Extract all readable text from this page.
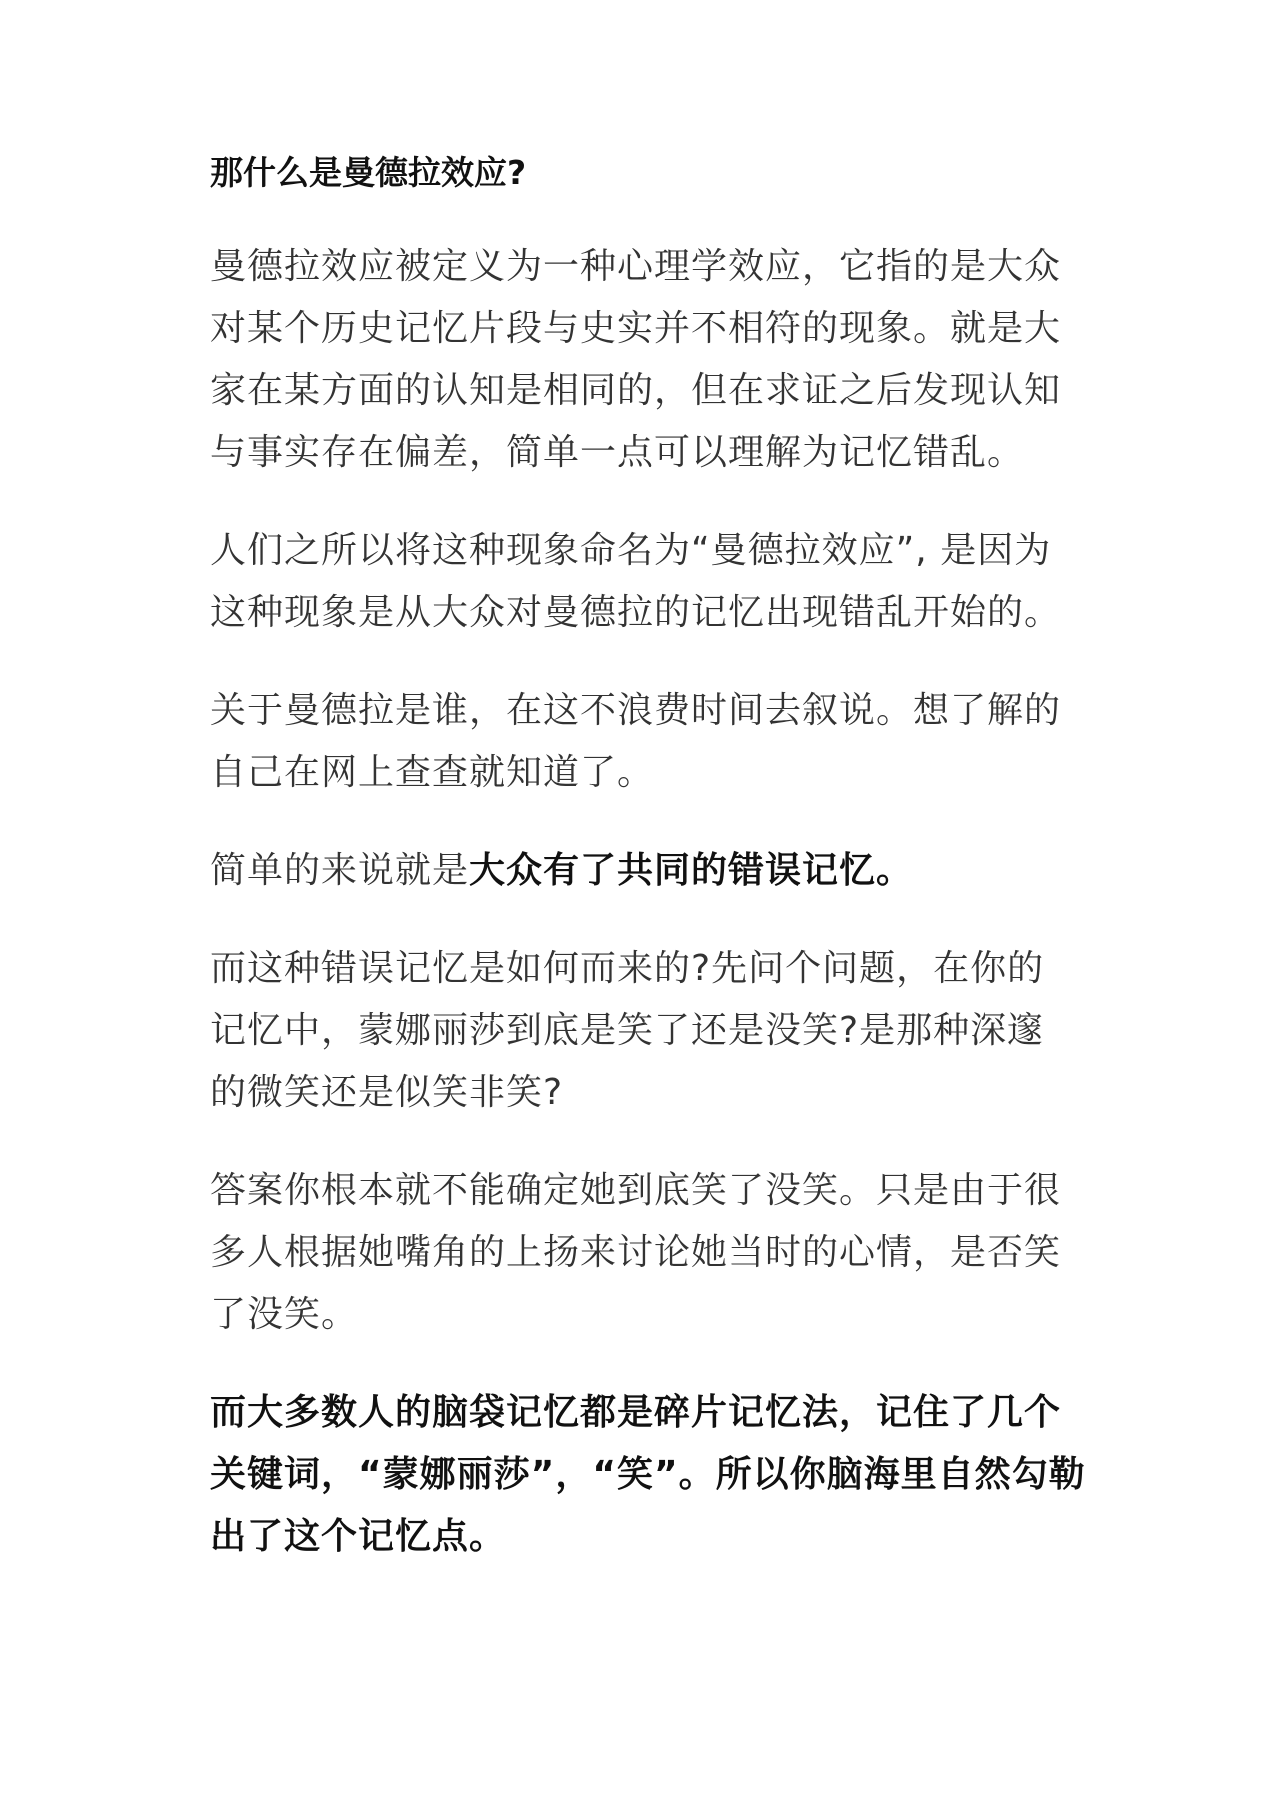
那什么是曼德拉效应?
曼德拉效应被定义为一种心理学效应，它指的是大众
对某个历史记忆片段与史实并不相符的现象。就是大
家在某方面的认知是相同的，但在求证之后发现认知
与事实存在偏差，简单一点可以理解为记忆错乱。
人们之所以将这种现象命名为“曼德拉效应”, 是因为
这种现象是从大众对曼德拉的记忆出现错乱开始的。
关于曼德拉是谁，在这不浪费时间去叙说。想了解的
自己在网上查查就知道了。
简单的来说就是大众有了共同的错误记忆。
而这种错误记忆是如何而来的?先问个问题，在你的
记忆中，蒙娜丽莎到底是笑了还是没笑?是那种深邃
的微笑还是似笑非笑?
答案你根本就不能确定她到底笑了没笑。只是由于很
多人根据她嘴角的上扬来讨论她当时的心情，是否笑
了没笑。
而大多数人的脑袋记忆都是碎片记忆法，记住了几个
关键词，“蒙娜丽莎”，“笑”。所以你脑海里自然勾勒
出了这个记忆点。
